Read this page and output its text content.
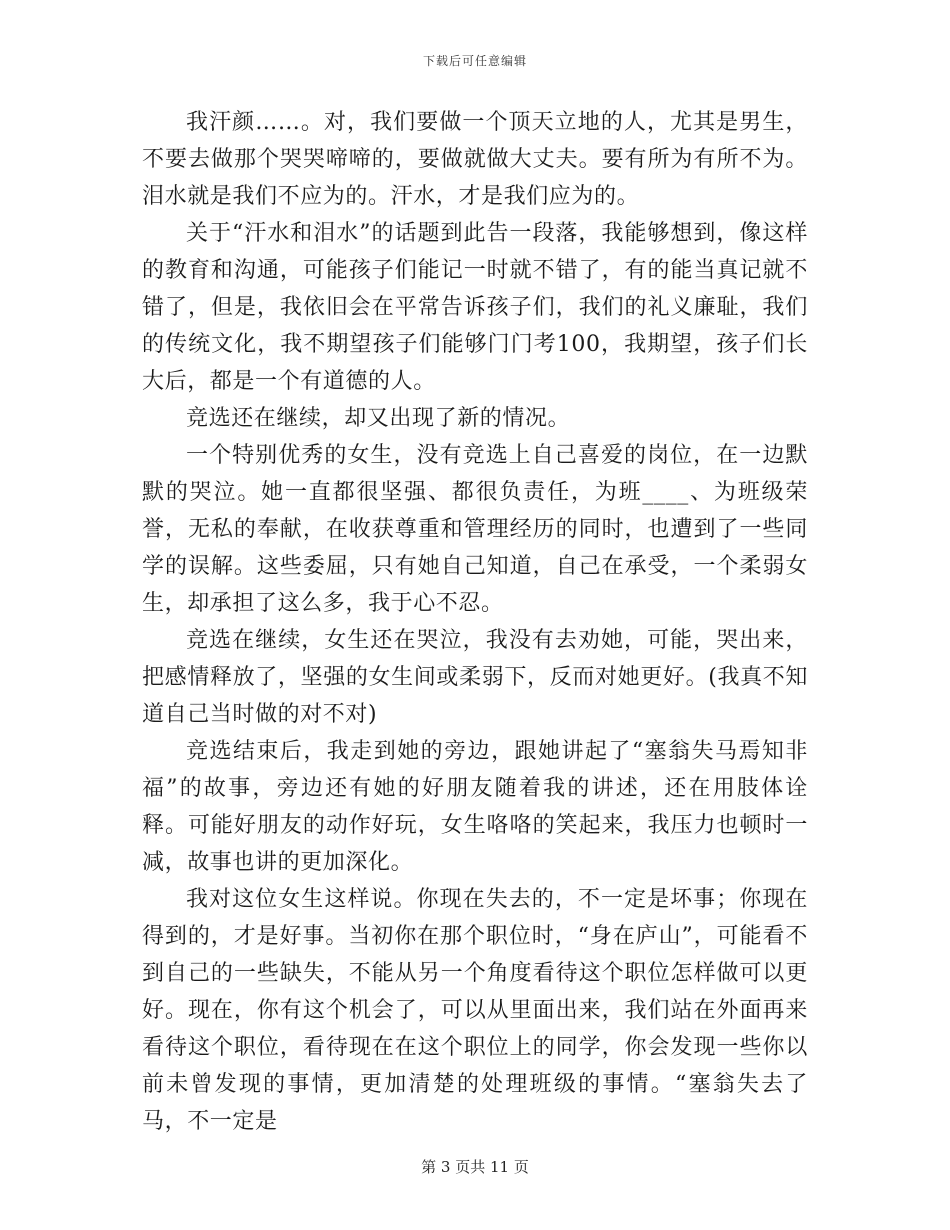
下载后可任意编辑

我汗颜……。对，我们要做一个顶天立地的人，尤其是男生，不要去做那个哭哭啼啼的，要做就做大丈夫。要有所为有所不为。泪水就是我们不应为的。汗水，才是我们应为的。

关于“汗水和泪水”的话题到此告一段落，我能够想到，像这样的教育和沟通，可能孩子们能记一时就不错了，有的能当真记就不错了，但是，我依旧会在平常告诉孩子们，我们的礼义廉耻，我们的传统文化，我不期望孩子们能够门门考100，我期望，孩子们长大后，都是一个有道德的人。

竞选还在继续，却又出现了新的情况。

一个特别优秀的女生，没有竞选上自己喜爱的岗位，在一边默默的哭泣。她一直都很坚强、都很负责任，为班____、为班级荣誉，无私的奉献，在收获尊重和管理经历的同时，也遭到了一些同学的误解。这些委屈，只有她自己知道，自己在承受，一个柔弱女生，却承担了这么多，我于心不忍。

竞选在继续，女生还在哭泣，我没有去劝她，可能，哭出来，把感情释放了，坚强的女生间或柔弱下，反而对她更好。(我真不知道自己当时做的对不对)

竞选结束后，我走到她的旁边，跟她讲起了“塞翁失马焉知非福”的故事，旁边还有她的好朋友随着我的讲述，还在用肢体诠释。可能好朋友的动作好玩，女生咯咯的笑起来，我压力也顿时一减，故事也讲的更加深化。

我对这位女生这样说。你现在失去的，不一定是坏事；你现在得到的，才是好事。当初你在那个职位时，“身在庐山”，可能看不到自己的一些缺失，不能从另一个角度看待这个职位怎样做可以更好。现在，你有这个机会了，可以从里面出来，我们站在外面再来看待这个职位，看待现在在这个职位上的同学，你会发现一些你以前未曾发现的事情，更加清楚的处理班级的事情。“塞翁失去了马，不一定是

第 3 页共 11 页
